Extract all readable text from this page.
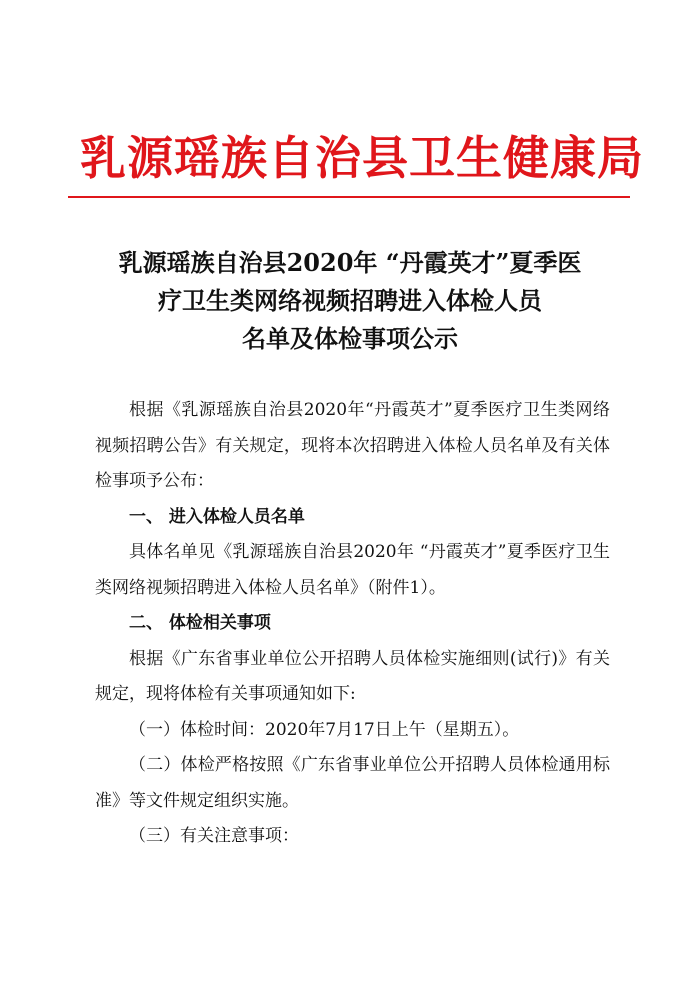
乳源瑶族自治县卫生健康局
乳源瑶族自治县2020年 “丹霞英才”夏季医
疗卫生类网络视频招聘进入体检人员
名单及体检事项公示

根据《乳源瑶族自治县2020年“丹霞英才”夏季医疗卫生类网络视频招聘公告》有关规定，现将本次招聘进入体检人员名单及有关体检事项予公布：

一、 进入体检人员名单

具体名单见《乳源瑶族自治县2020年 “丹霞英才”夏季医疗卫生类网络视频招聘进入体检人员名单》（附件1）。

二、 体检相关事项

根据《广东省事业单位公开招聘人员体检实施细则(试行)》有关规定，现将体检有关事项通知如下:

（一）体检时间：2020年7月17日上午（星期五）。

（二）体检严格按照《广东省事业单位公开招聘人员体检通用标准》等文件规定组织实施。

（三）有关注意事项：
